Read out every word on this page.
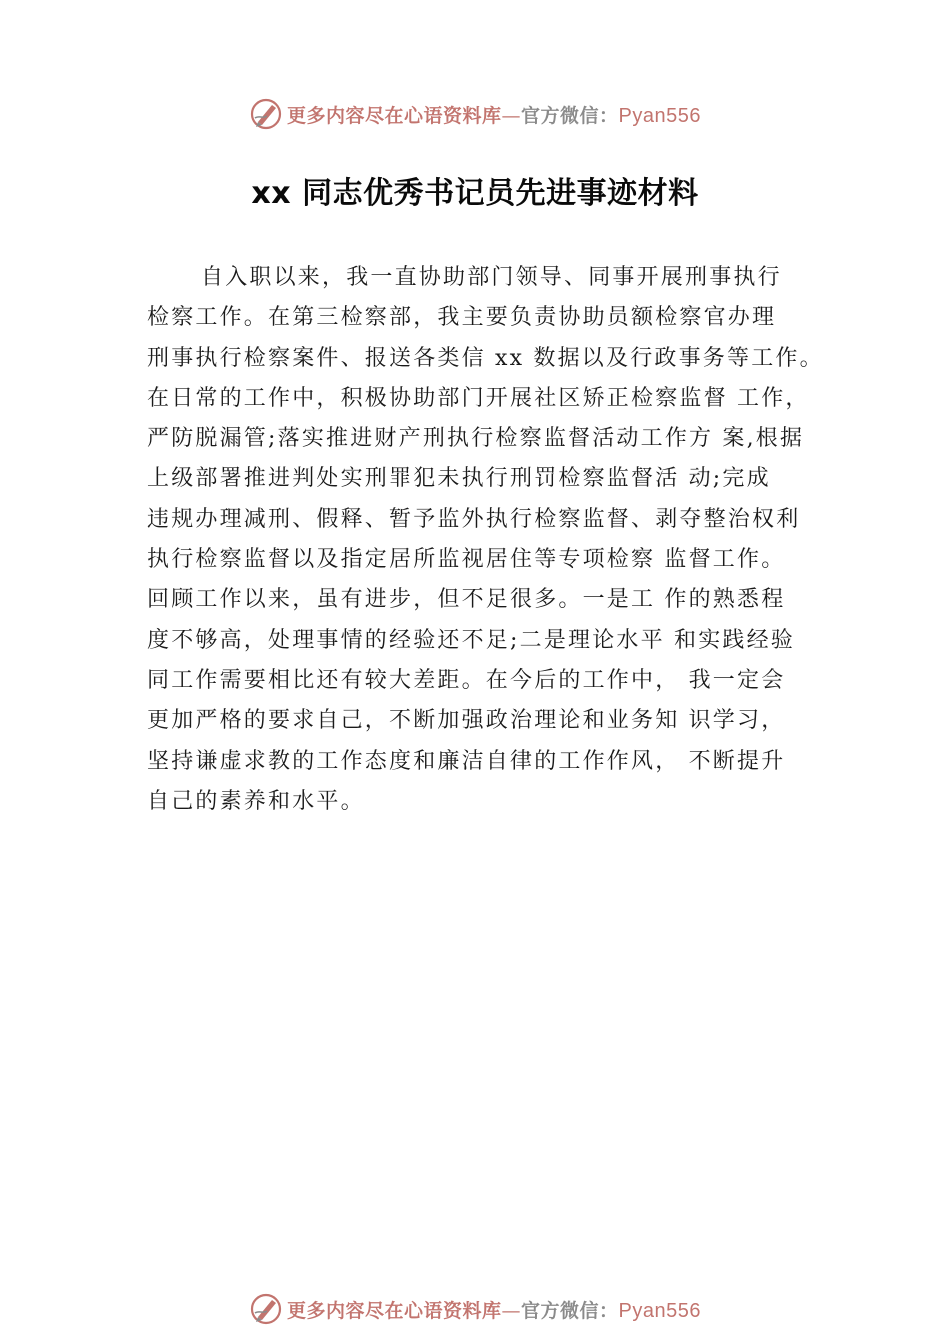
更多内容尽在心语资料库—官方微信：Pyan556
xx 同志优秀书记员先进事迹材料
自入职以来，我一直协助部门领导、同事开展刑事执行
检察工作。在第三检察部，我主要负责协助员额检察官办理
刑事执行检察案件、报送各类信 xx 数据以及行政事务等工作。
在日常的工作中，积极协助部门开展社区矫正检察监督 工作，
严防脱漏管;落实推进财产刑执行检察监督活动工作方 案,根据
上级部署推进判处实刑罪犯未执行刑罚检察监督活 动;完成
违规办理减刑、假释、暂予监外执行检察监督、剥夺整治权利
执行检察监督以及指定居所监视居住等专项检察 监督工作。
回顾工作以来，虽有进步，但不足很多。一是工 作的熟悉程
度不够高，处理事情的经验还不足;二是理论水平 和实践经验
同工作需要相比还有较大差距。在今后的工作中， 我一定会
更加严格的要求自己，不断加强政治理论和业务知 识学习，
坚持谦虚求教的工作态度和廉洁自律的工作作风， 不断提升
自己的素养和水平。
更多内容尽在心语资料库—官方微信：Pyan556
